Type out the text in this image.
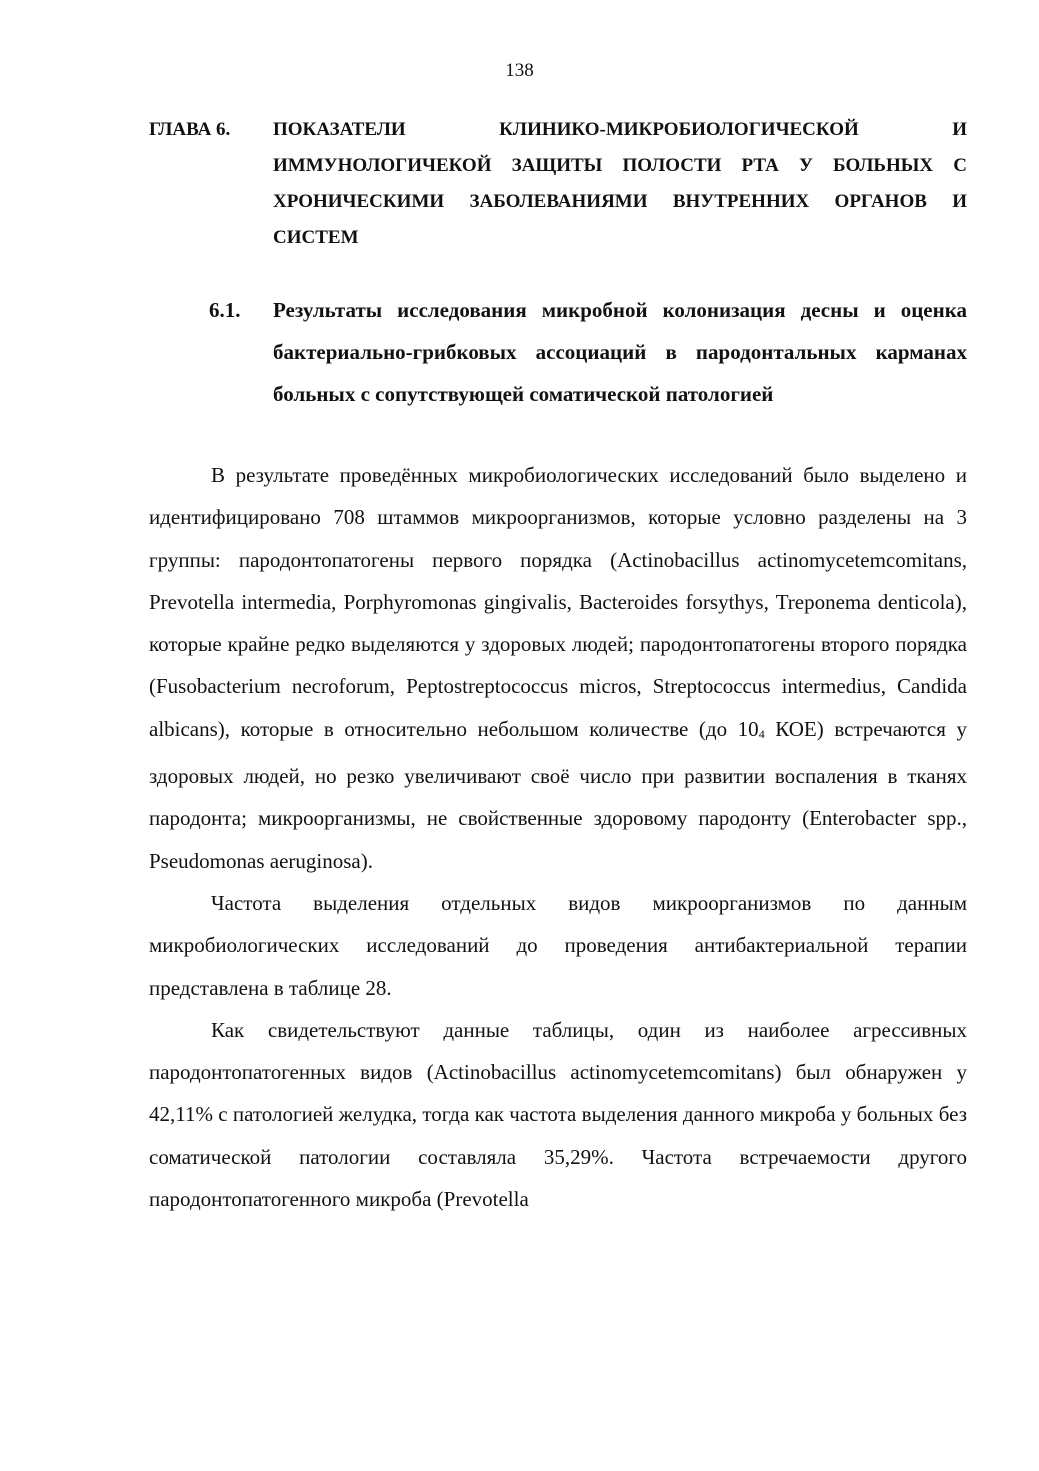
138
ГЛАВА 6.	ПОКАЗАТЕЛИ КЛИНИКО-МИКРОБИОЛОГИЧЕСКОЙ И ИММУНОЛОГИЧЕКОЙ ЗАЩИТЫ ПОЛОСТИ РТА У БОЛЬНЫХ С ХРОНИЧЕСКИМИ ЗАБОЛЕВАНИЯМИ ВНУТРЕННИХ ОРГАНОВ И СИСТЕМ
6.1.	Результаты исследования микробной колонизация десны и оценка бактериально-грибковых ассоциаций в пародонтальных карманах больных с сопутствующей соматической патологией

В результате проведённых микробиологических исследований было выделено и идентифицировано 708 штаммов микроорганизмов, которые условно разделены на 3 группы: пародонтопатогены первого порядка (Actinobacillus actinomycetemcomitans, Prevotella intermedia, Porphyromonas gingivalis, Bacteroides forsythys, Treponema denticola), которые крайне редко выделяются у здоровых людей; пародонтопатогены второго порядка (Fusobacterium necroforum, Peptostreptococcus micros, Streptococcus intermedius, Candida albicans), которые в относительно небольшом количестве (до 104 КОЕ) встречаются у здоровых людей, но резко увеличивают своё число при развитии воспаления в тканях пародонта; микроорганизмы, не свойственные здоровому пародонту (Enterobacter spp., Pseudomonas aeruginosa).

Частота выделения отдельных видов микроорганизмов по данным микробиологических исследований до проведения антибактериальной терапии представлена в таблице 28.

Как свидетельствуют данные таблицы, один из наиболее агрессивных пародонтопатогенных видов (Actinobacillus actinomycetemcomitans) был обнаружен у 42,11% с патологией желудка, тогда как частота выделения данного микроба у больных без соматической патологии составляла 35,29%. Частота встречаемости другого пародонтопатогенного микроба (Prevotella
